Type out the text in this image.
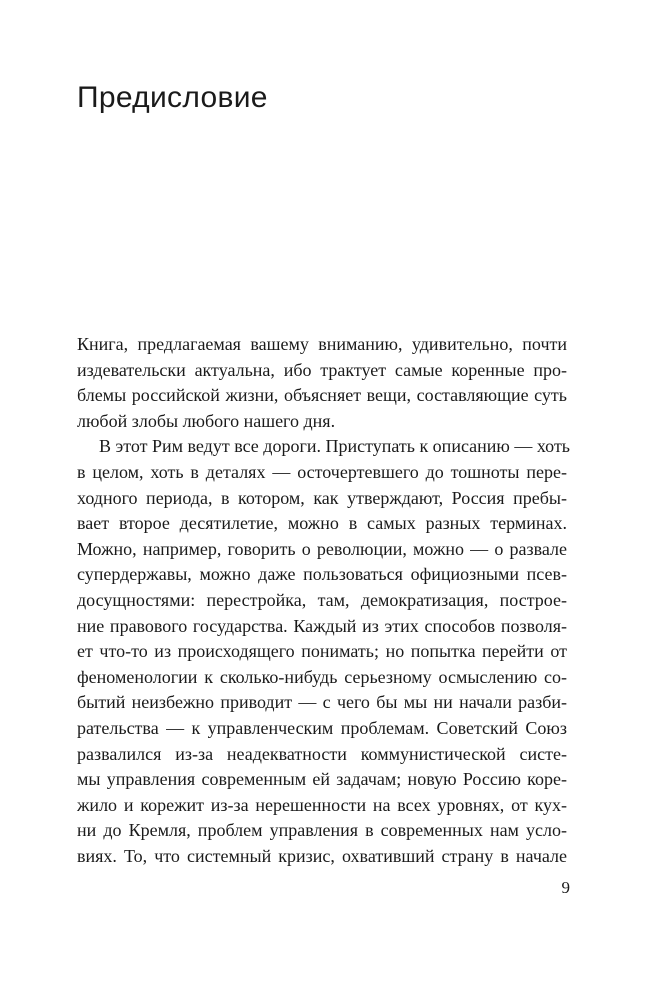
Предисловие
Книга, предлагаемая вашему вниманию, удивительно, почти
издевательски актуальна, ибо трактует самые коренные про-
блемы российской жизни, объясняет вещи, составляющие суть
любой злобы любого нашего дня.
В этот Рим ведут все дороги. Приступать к описанию — хоть
в целом, хоть в деталях — осточертевшего до тошноты пере-
ходного периода, в котором, как утверждают, Россия пребы-
вает второе десятилетие, можно в самых разных терминах.
Можно, например, говорить о революции, можно — о развале
супердержавы, можно даже пользоваться официозными псев-
досущностями: перестройка, там, демократизация, построе-
ние правового государства. Каждый из этих способов позволя-
ет что-то из происходящего понимать; но попытка перейти от
феноменологии к сколько-нибудь серьезному осмыслению со-
бытий неизбежно приводит — с чего бы мы ни начали разби-
рательства — к управленческим проблемам. Советский Союз
развалился из-за неадекватности коммунистической систе-
мы управления современным ей задачам; новую Россию коре-
жило и корежит из-за нерешенности на всех уровнях, от кух-
ни до Кремля, проблем управления в современных нам усло-
виях. То, что системный кризис, охвативший страну в начале
9
